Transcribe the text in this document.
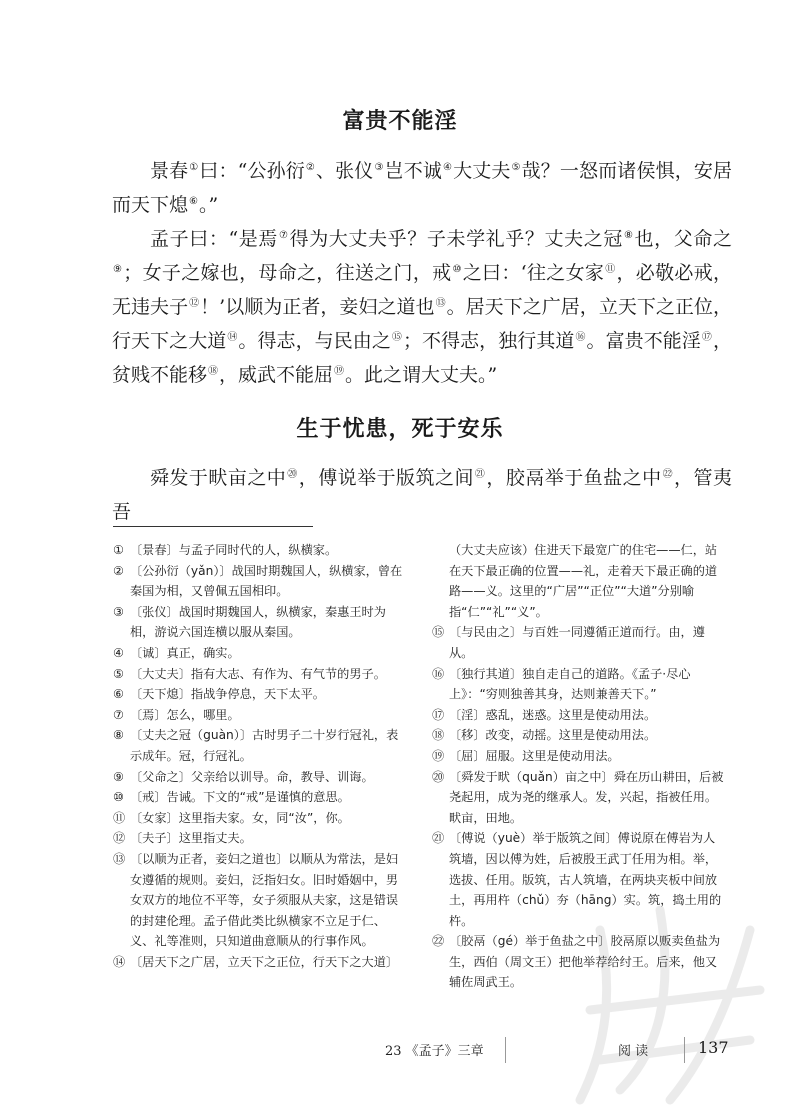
富贵不能淫

景春①曰：“公孙衍②、张仪③岂不诚④大丈夫⑤哉？一怒而诸侯惧，安居而天下熄⑥。”

孟子曰：“是焉⑦得为大丈夫乎？子未学礼乎？丈夫之冠⑧也，父命之⑨；女子之嫁也，母命之，往送之门，戒⑩之曰：‘往之女家⑪，必敬必戒，无违夫子⑫！’以顺为正者，妾妇之道也⑬。居天下之广居，立天下之正位，行天下之大道⑭。得志，与民由之⑮；不得志，独行其道⑯。富贵不能淫⑰，贫贱不能移⑱，威武不能屈⑲。此之谓大丈夫。”

生于忧患，死于安乐

舜发于畎亩之中⑳，傅说举于版筑之间$^㉑$，胶鬲举于鱼盐之中$^㉒$，管夷吾

① 〔景春〕与孟子同时代的人，纵横家。

② 〔公孙衍（yǎn）〕战国时期魏国人，纵横家，曾在秦国为相，又曾佩五国相印。

③ 〔张仪〕战国时期魏国人，纵横家，秦惠王时为相，游说六国连横以服从秦国。

④ 〔诚〕真正，确实。

⑤ 〔大丈夫〕指有大志、有作为、有气节的男子。

⑥ 〔天下熄〕指战争停息，天下太平。

⑦ 〔焉〕怎么，哪里。

⑧ 〔丈夫之冠（guàn）〕古时男子二十岁行冠礼，表示成年。冠，行冠礼。

⑨ 〔父命之〕父亲给以训导。命，教导、训诲。

⑩ 〔戒〕告诫。下文的“戒”是谨慎的意思。

⑪ 〔女家〕这里指夫家。女，同“汝”，你。

⑫ 〔夫子〕这里指丈夫。

⑬ 〔以顺为正者，妾妇之道也〕以顺从为常法，是妇女遵循的规则。妾妇，泛指妇女。旧时婚姻中，男女双方的地位不平等，女子须服从夫家，这是错误的封建伦理。孟子借此类比纵横家不立足于仁、义、礼等准则，只知道曲意顺从的行事作风。

⑭ 〔居天下之广居，立天下之正位，行天下之大道〕

（大丈夫应该）住进天下最宽广的住宅——仁，站在天下最正确的位置——礼，走着天下最正确的道路——义。这里的“广居”“正位”“大道”分别喻指“仁”“礼”“义”。

⑮ 〔与民由之〕与百姓一同遵循正道而行。由，遵从。

⑯ 〔独行其道〕独自走自己的道路。《孟子·尽心上》：“穷则独善其身，达则兼善天下。”

⑰ 〔淫〕惑乱，迷惑。这里是使动用法。

⑱ 〔移〕改变，动摇。这里是使动用法。

⑲ 〔屈〕屈服。这里是使动用法。

⑳ 〔舜发于畎（quǎn）亩之中〕舜在历山耕田，后被尧起用，成为尧的继承人。发，兴起，指被任用。畎亩，田地。

㉑ 〔傅说（yuè）举于版筑之间〕傅说原在傅岩为人筑墙，因以傅为姓，后被殷王武丁任用为相。举，选拔、任用。版筑，古人筑墙，在两块夹板中间放土，再用杵（chǔ）夯（hāng）实。筑，捣土用的杵。

㉒ 〔胶鬲（gé）举于鱼盐之中〕胶鬲原以贩卖鱼盐为生，西伯（周文王）把他举荐给纣王。后来，他又辅佐周武王。

23 《孟子》三章	阅 读	137
